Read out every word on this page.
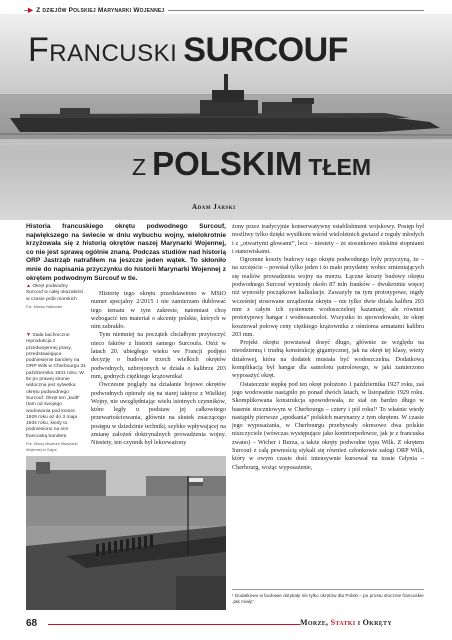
▶ Z dziejów Polskiej Marynarki Wojennej
Francuski SURCOUF
z POLSKIM tłem
Adam Jarski
Historia francuskiego okrętu podwodnego Surcouf, największego na świecie w dniu wybuchu wojny, wielokrotnie krzyżowała się z historią okrętów naszej Marynarki Wojennej, co nie jest sprawą ogólnie znaną. Podczas studiów nad historią ORP Jastrząb natrafiłem na jeszcze jeden wątek. To skłoniło mnie do napisania przyczynku do historii Marynarki Wojennej z okrętem podwodnym Surcouf w tle.
▲ Okręt podwodny Surcouf w całej okazałości w czasie prób morskich
Fot. Marine Nationale
▼ Stała bachniczne reprodukcja z przedwojennej prasy, przedstawiająca podniesienie bandery na ORP Wilk w Cherbourgu 31 października 1931 roku. W tle po prawej stronie widoczna jest sylwetka okrętu podwodnego Surcouf. Okręt ten „kwilł” (tam od swojego wodowania pod koniec 1929 roku aż do 3 maja 1934 roku, kiedy to podniesiono na nim francuską banderę
Fot. Zbiory Muzeum Marynarki Wojennej w Gdyni

Historię tego okrętu przedstawiono w MSiO numer specjalny 2/2015 i nie zamierzam dublować tego tematu w tym zakresie, natomiast chcę wzbogacić ten materiał o akcenty polskie, których w nim zabrakło.

Tym niemniej na początek chciałbym przytoczyć nieco faktów z historii samego Surcoufa. Otóż w latach 20. ubiegłego wieku we Francji podjęto decyzję o budowie trzech wielkich okrętów podwodnych, uzbrojonych w działa o kalibrze 203 mm, godnych ciężkiego krążownika!

Ówczesne poglądy na działanie bojowe okrętów podwodnych opierały się na starej taktyce z Wielkiej Wojny, nie uwzględniając wielu istotnych czynników, które legły u podstaw jej całkowitego przewartościowania, głównie na skutek znaczącego postępu w dziedzinie techniki, szybko wpływającej na zmianę założeń doktrynalnych prowadzenia wojny. Niestety, ten czynnik był lekceważony

żony przez tradycyjnie konserwatywny establishment wojskowy. Postęp był możliwy tylko dzięki wysiłkom wśród wieloletnich gwiazd z reguły młodych i z „otwartymi głowami”, lecz – niestety – ze stosunkowo niskimi stopniami i stanowiskami.

Ogromne koszty budowy tego okrętu podwodnego były przyczyną, że – na szczęście – powstał tylko jeden i to mało przydatny wobec zmieniających się realiów prowadzenia wojny na morzu. Łączne koszty budowy okrętu podwodnego Surcouf wyniosły około 87 mln franków – dwukrotnie więcej niż wynosiły początkowe kalkulacje. Zawazyły na tym prototypowe, nigdy wcześniej stosowane urządzenia okrętu – nie tylko dwie działa kalibru 203 mm z całym ich systemem wodoszczelnej kazamaty, ale również prototypowy hangar i wodnosamolot. Wszystko to spowodowało, że okręt kosztował połowę ceny ciężkiego krążownika z ośmioma armatami kalibru 203 mm.

Projekt okrętu powstawał dosyć długo, głównie ze względu na nieodzienną i trudną konstrukcję gigantycznej, jak na okręt tej klasy, wieży działowej, która na dodatek musiała być wodoszczelna. Dodatkową komplikacją był hangar dla samolotu patrolowego, w jaki zamierzono wyposażyć okręt.

Ostatecznie stępkę pod ten okręt położono 1 października 1927 roku, zaś jego wodowanie nastąpiło po ponad dwóch latach, w listopadzie 1929 roku. Skomplikowana konstrukcja spowodowała, że stał on bardzo długo w basenie stoczniowym w Cherbourgu – cztery i pół roku!¹ To właśnie wtedy nastąpiły pierwsze „spotkania” polskich marynarzy z tym okrętem. W czasie jego wyposażania, w Cherbourgu przebywały okresowo dwa polskie niszczyciele (wówczas występujące jako kontrtorpedowce, jak je z francuska zwano) – Wicher i Burza, a także okręty podwodne typu Wilk. Z okrętem Surcouf z całą pewnością stykali się również członkowie załogi ORP Wilk, który w owym czasie dość intensywnie kursował na trasie Gdynia – Cherbourg, wożąc wyposażenie,

¹ Dodatkowo w budowie dotykały nie tylko okrętów dla Polski – po prostu stocznie francuskie „tak miały”.
68	Morze, Statki i Okręty
